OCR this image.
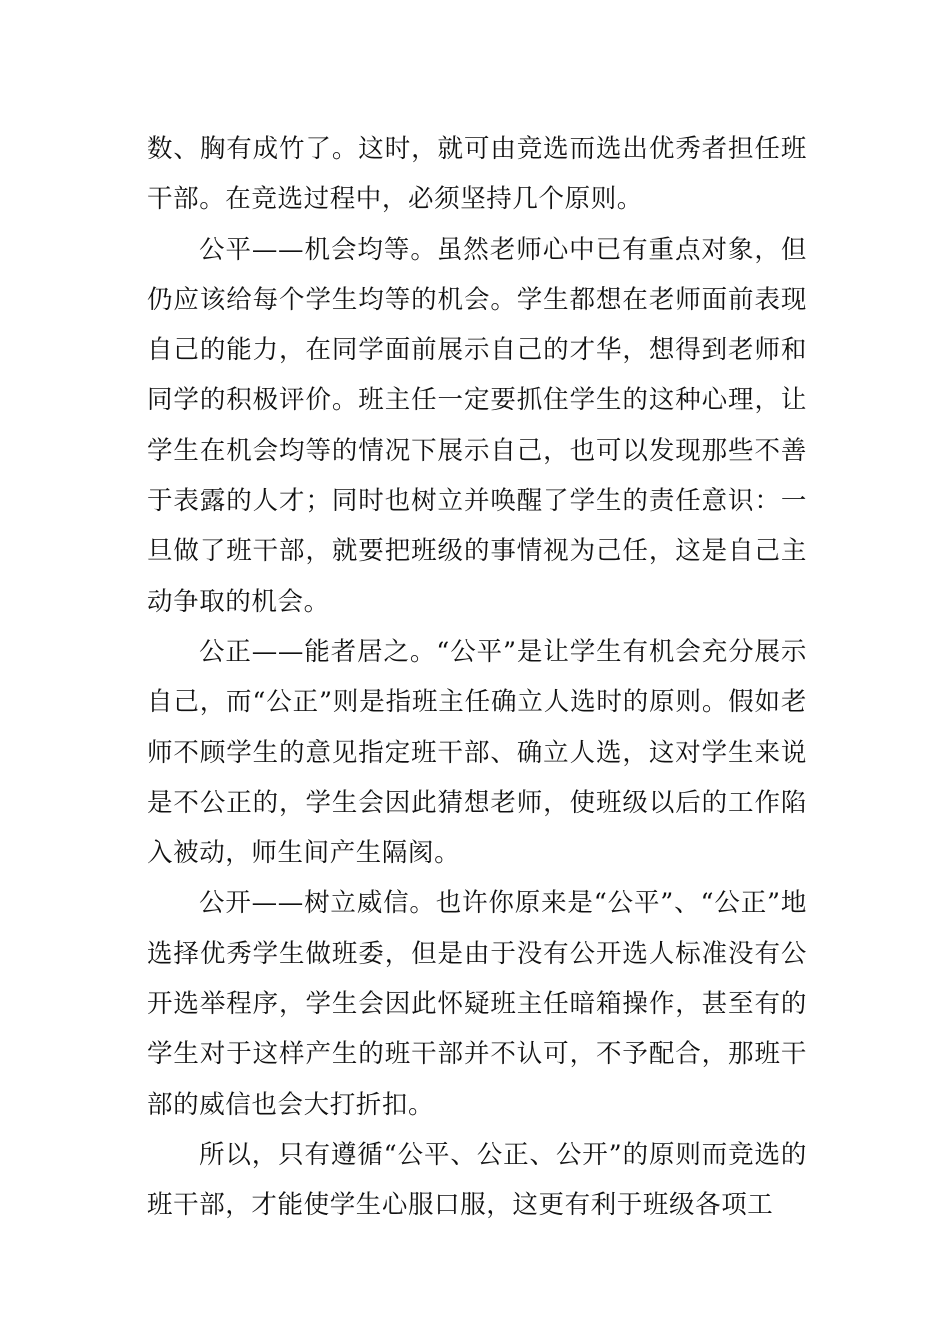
数、胸有成竹了。这时，就可由竞选而选出优秀者担任班干部。在竞选过程中，必须坚持几个原则。

公平——机会均等。虽然老师心中已有重点对象，但仍应该给每个学生均等的机会。学生都想在老师面前表现自己的能力，在同学面前展示自己的才华，想得到老师和同学的积极评价。班主任一定要抓住学生的这种心理，让学生在机会均等的情况下展示自己，也可以发现那些不善于表露的人才；同时也树立并唤醒了学生的责任意识：一旦做了班干部，就要把班级的事情视为己任，这是自己主动争取的机会。

公正——能者居之。“公平”是让学生有机会充分展示自己，而“公正”则是指班主任确立人选时的原则。假如老师不顾学生的意见指定班干部、确立人选，这对学生来说是不公正的，学生会因此猜想老师，使班级以后的工作陷入被动，师生间产生隔阂。

公开——树立威信。也许你原来是“公平”、“公正”地选择优秀学生做班委，但是由于没有公开选人标准没有公开选举程序，学生会因此怀疑班主任暗箱操作，甚至有的学生对于这样产生的班干部并不认可，不予配合，那班干部的威信也会大打折扣。

所以，只有遵循“公平、公正、公开”的原则而竞选的班干部，才能使学生心服口服，这更有利于班级各项工
